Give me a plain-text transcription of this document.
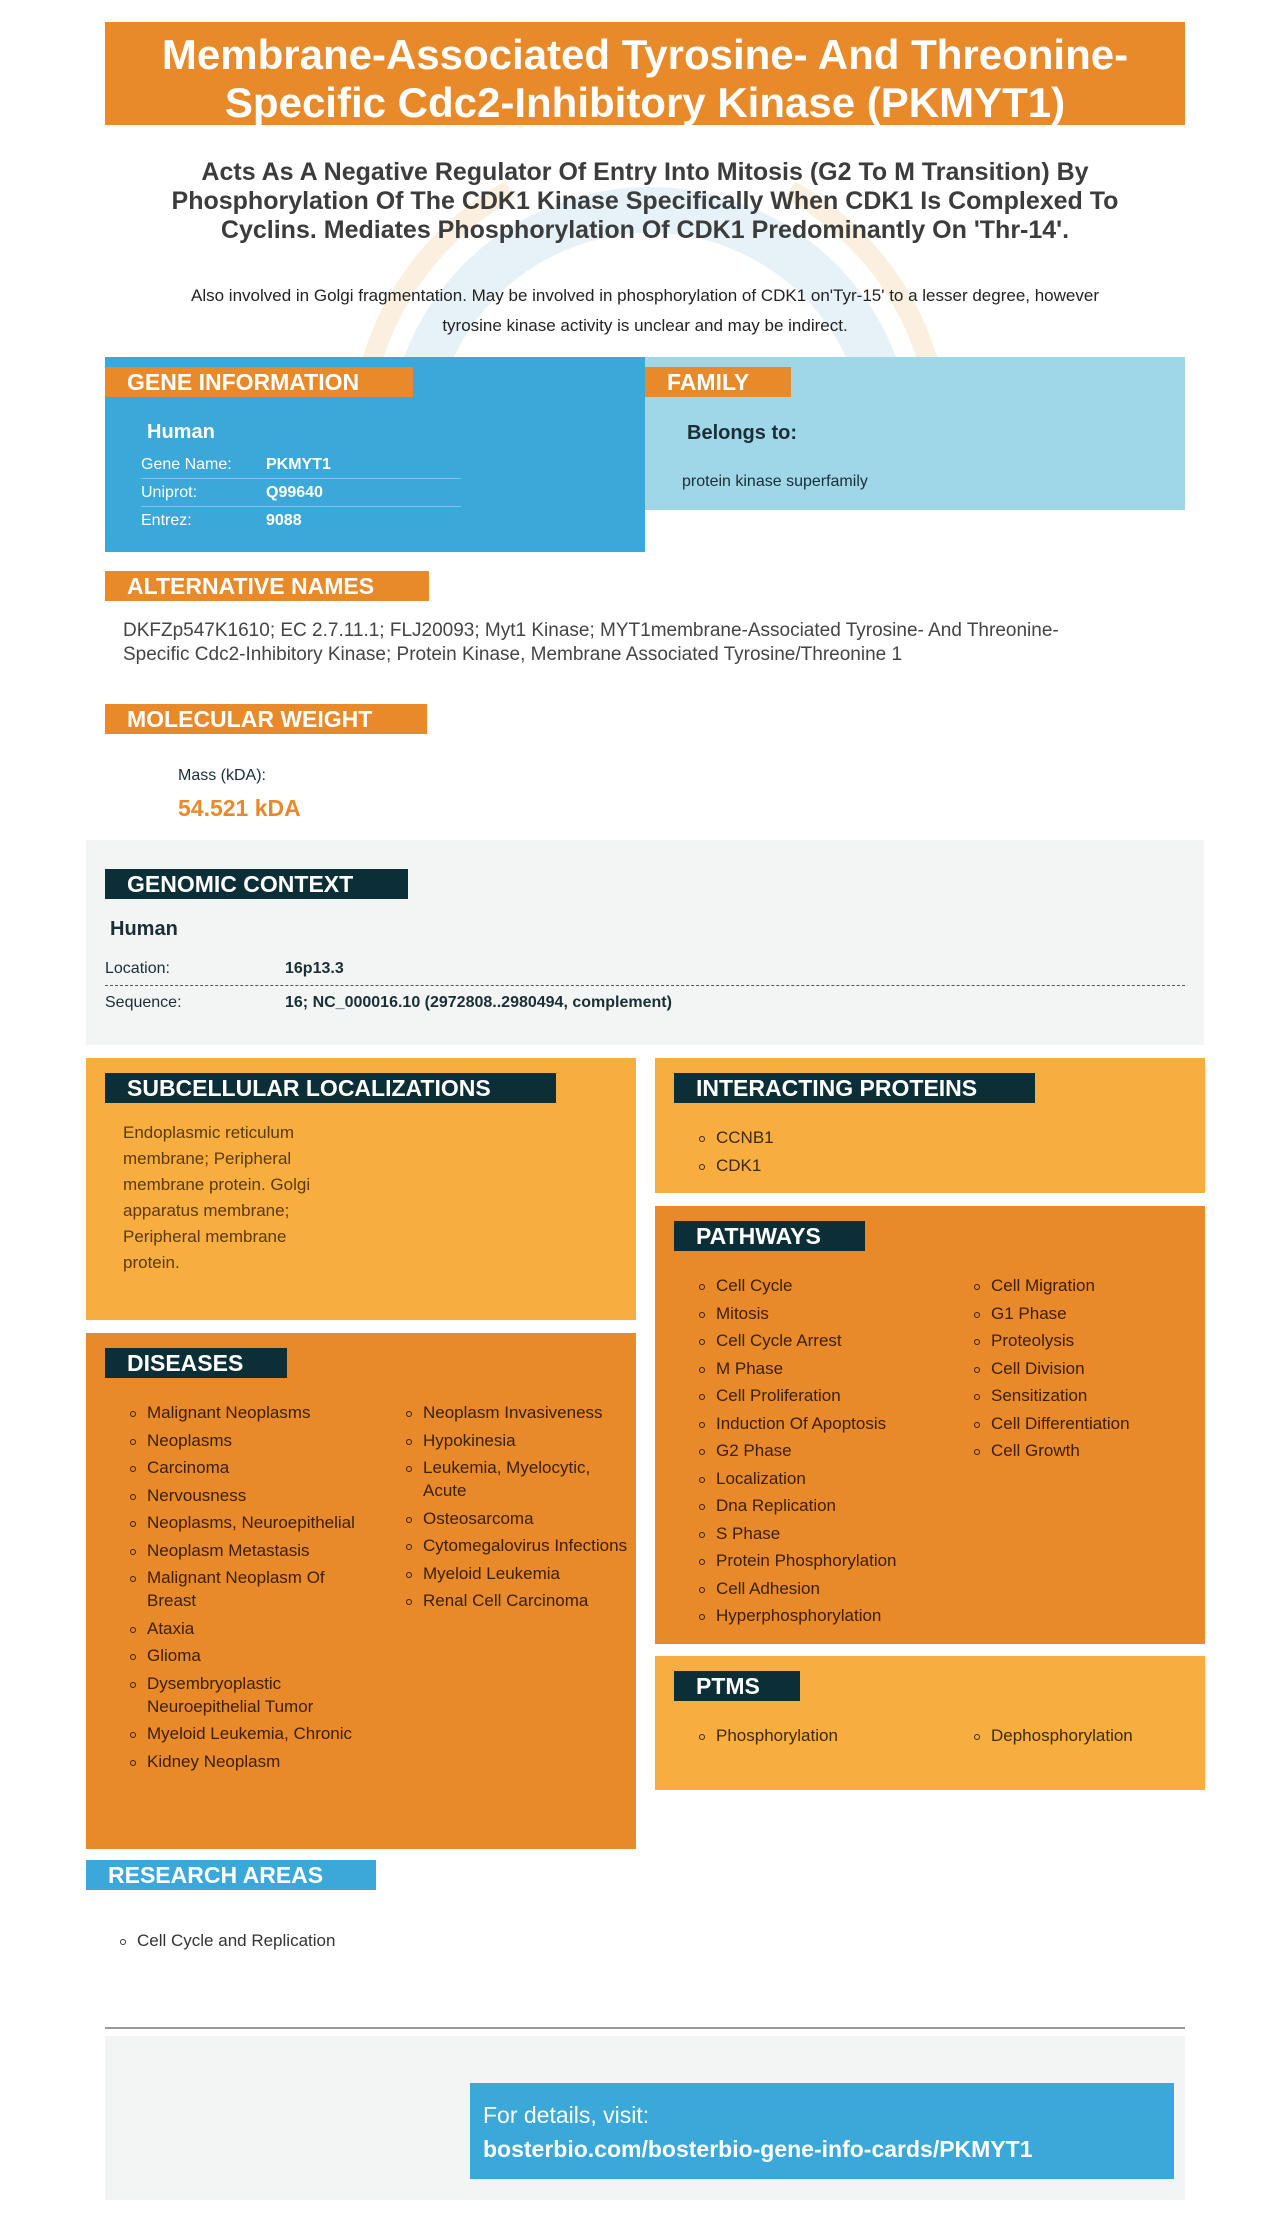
Membrane-Associated Tyrosine- And Threonine-
Specific Cdc2-Inhibitory Kinase (PKMYT1)
Acts As A Negative Regulator Of Entry Into Mitosis (G2 To M Transition) By
Phosphorylation Of The CDK1 Kinase Specifically When CDK1 Is Complexed To
Cyclins. Mediates Phosphorylation Of CDK1 Predominantly On 'Thr-14'.
Also involved in Golgi fragmentation. May be involved in phosphorylation of CDK1 on'Tyr-15' to a lesser degree, however
tyrosine kinase activity is unclear and may be indirect.
GENE INFORMATION
Human
Gene Name:	PKMYT1
Uniprot:	Q99640
Entrez:	9088
FAMILY
Belongs to:
protein kinase superfamily
ALTERNATIVE NAMES
DKFZp547K1610; EC 2.7.11.1; FLJ20093; Myt1 Kinase; MYT1membrane-Associated Tyrosine- And Threonine-
Specific Cdc2-Inhibitory Kinase; Protein Kinase, Membrane Associated Tyrosine/Threonine 1
MOLECULAR WEIGHT
Mass (kDA):
54.521 kDA
GENOMIC CONTEXT
Human
Location:	16p13.3
Sequence:	16; NC_000016.10 (2972808..2980494, complement)
SUBCELLULAR LOCALIZATIONS
Endoplasmic reticulum membrane; Peripheral membrane protein. Golgi apparatus membrane; Peripheral membrane protein.
INTERACTING PROTEINS
CCNB1
CDK1
PATHWAYS
Cell Cycle
Mitosis
Cell Cycle Arrest
M Phase
Cell Proliferation
Induction Of Apoptosis
G2 Phase
Localization
Dna Replication
S Phase
Protein Phosphorylation
Cell Adhesion
Hyperphosphorylation
Cell Migration
G1 Phase
Proteolysis
Cell Division
Sensitization
Cell Differentiation
Cell Growth
DISEASES
Malignant Neoplasms
Neoplasms
Carcinoma
Nervousness
Neoplasms, Neuroepithelial
Neoplasm Metastasis
Malignant Neoplasm Of Breast
Ataxia
Glioma
Dysembryoplastic Neuroepithelial Tumor
Myeloid Leukemia, Chronic
Kidney Neoplasm
Neoplasm Invasiveness
Hypokinesia
Leukemia, Myelocytic, Acute
Osteosarcoma
Cytomegalovirus Infections
Myeloid Leukemia
Renal Cell Carcinoma
PTMS
Phosphorylation	Dephosphorylation
RESEARCH AREAS
Cell Cycle and Replication
For details, visit:
bosterbio.com/bosterbio-gene-info-cards/PKMYT1
